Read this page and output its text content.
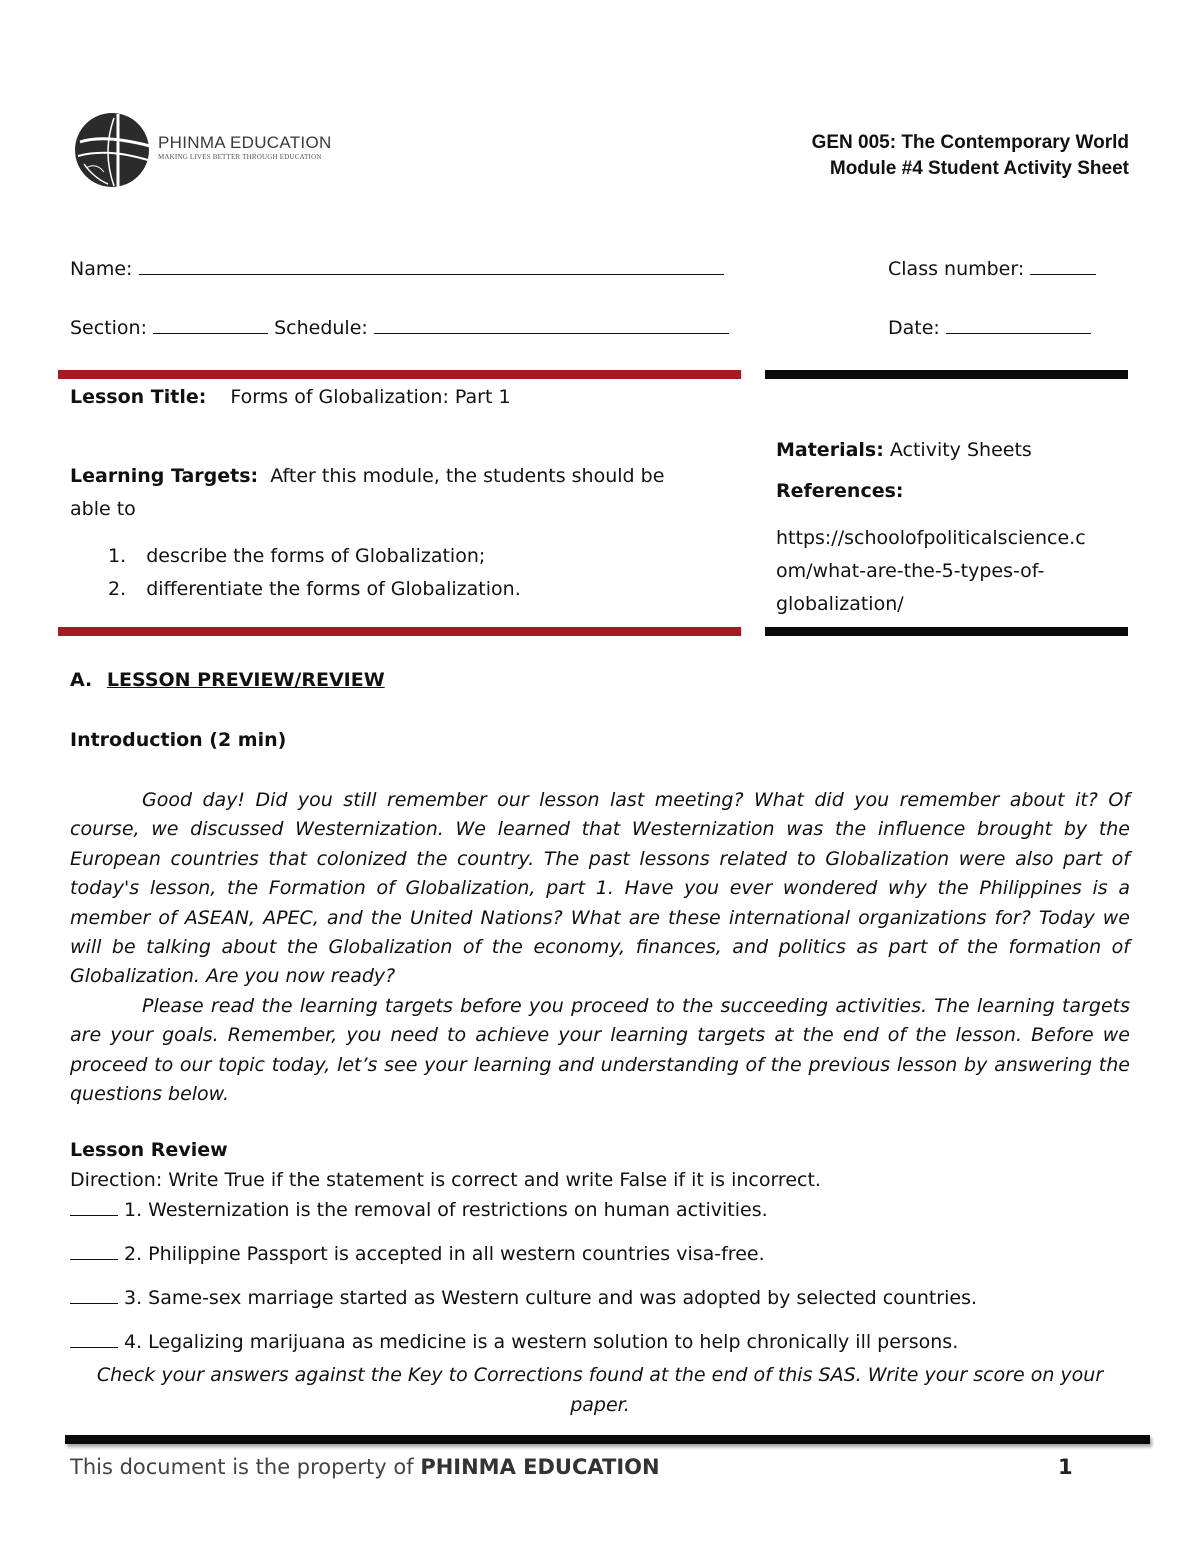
PHINMA EDUCATION
MAKING LIVES BETTER THROUGH EDUCATION
GEN 005: The Contemporary World
Module #4 Student Activity Sheet
Name:	Class number:
Section:	Schedule:	Date:
Lesson Title: Forms of Globalization: Part 1
Learning Targets: After this module, the students should be
able to
1. describe the forms of Globalization;
2. differentiate the forms of Globalization.
Materials: Activity Sheets
References:
https://schoolofpoliticalscience.c
om/what-are-the-5-types-of-
globalization/
A. LESSON PREVIEW/REVIEW
Introduction (2 min)

Good day! Did you still remember our lesson last meeting? What did you remember about it? Of course, we discussed Westernization. We learned that Westernization was the influence brought by the European countries that colonized the country. The past lessons related to Globalization were also part of today's lesson, the Formation of Globalization, part 1. Have you ever wondered why the Philippines is a member of ASEAN, APEC, and the United Nations? What are these international organizations for? Today we will be talking about the Globalization of the economy, finances, and politics as part of the formation of Globalization. Are you now ready?

Please read the learning targets before you proceed to the succeeding activities. The learning targets are your goals. Remember, you need to achieve your learning targets at the end of the lesson. Before we proceed to our topic today, let’s see your learning and understanding of the previous lesson by answering the questions below.

Lesson Review
Direction: Write True if the statement is correct and write False if it is incorrect.
1. Westernization is the removal of restrictions on human activities.
2. Philippine Passport is accepted in all western countries visa-free.
3. Same-sex marriage started as Western culture and was adopted by selected countries.
4. Legalizing marijuana as medicine is a western solution to help chronically ill persons.
Check your answers against the Key to Corrections found at the end of this SAS. Write your score on your
paper.
This document is the property of PHINMA EDUCATION	1
